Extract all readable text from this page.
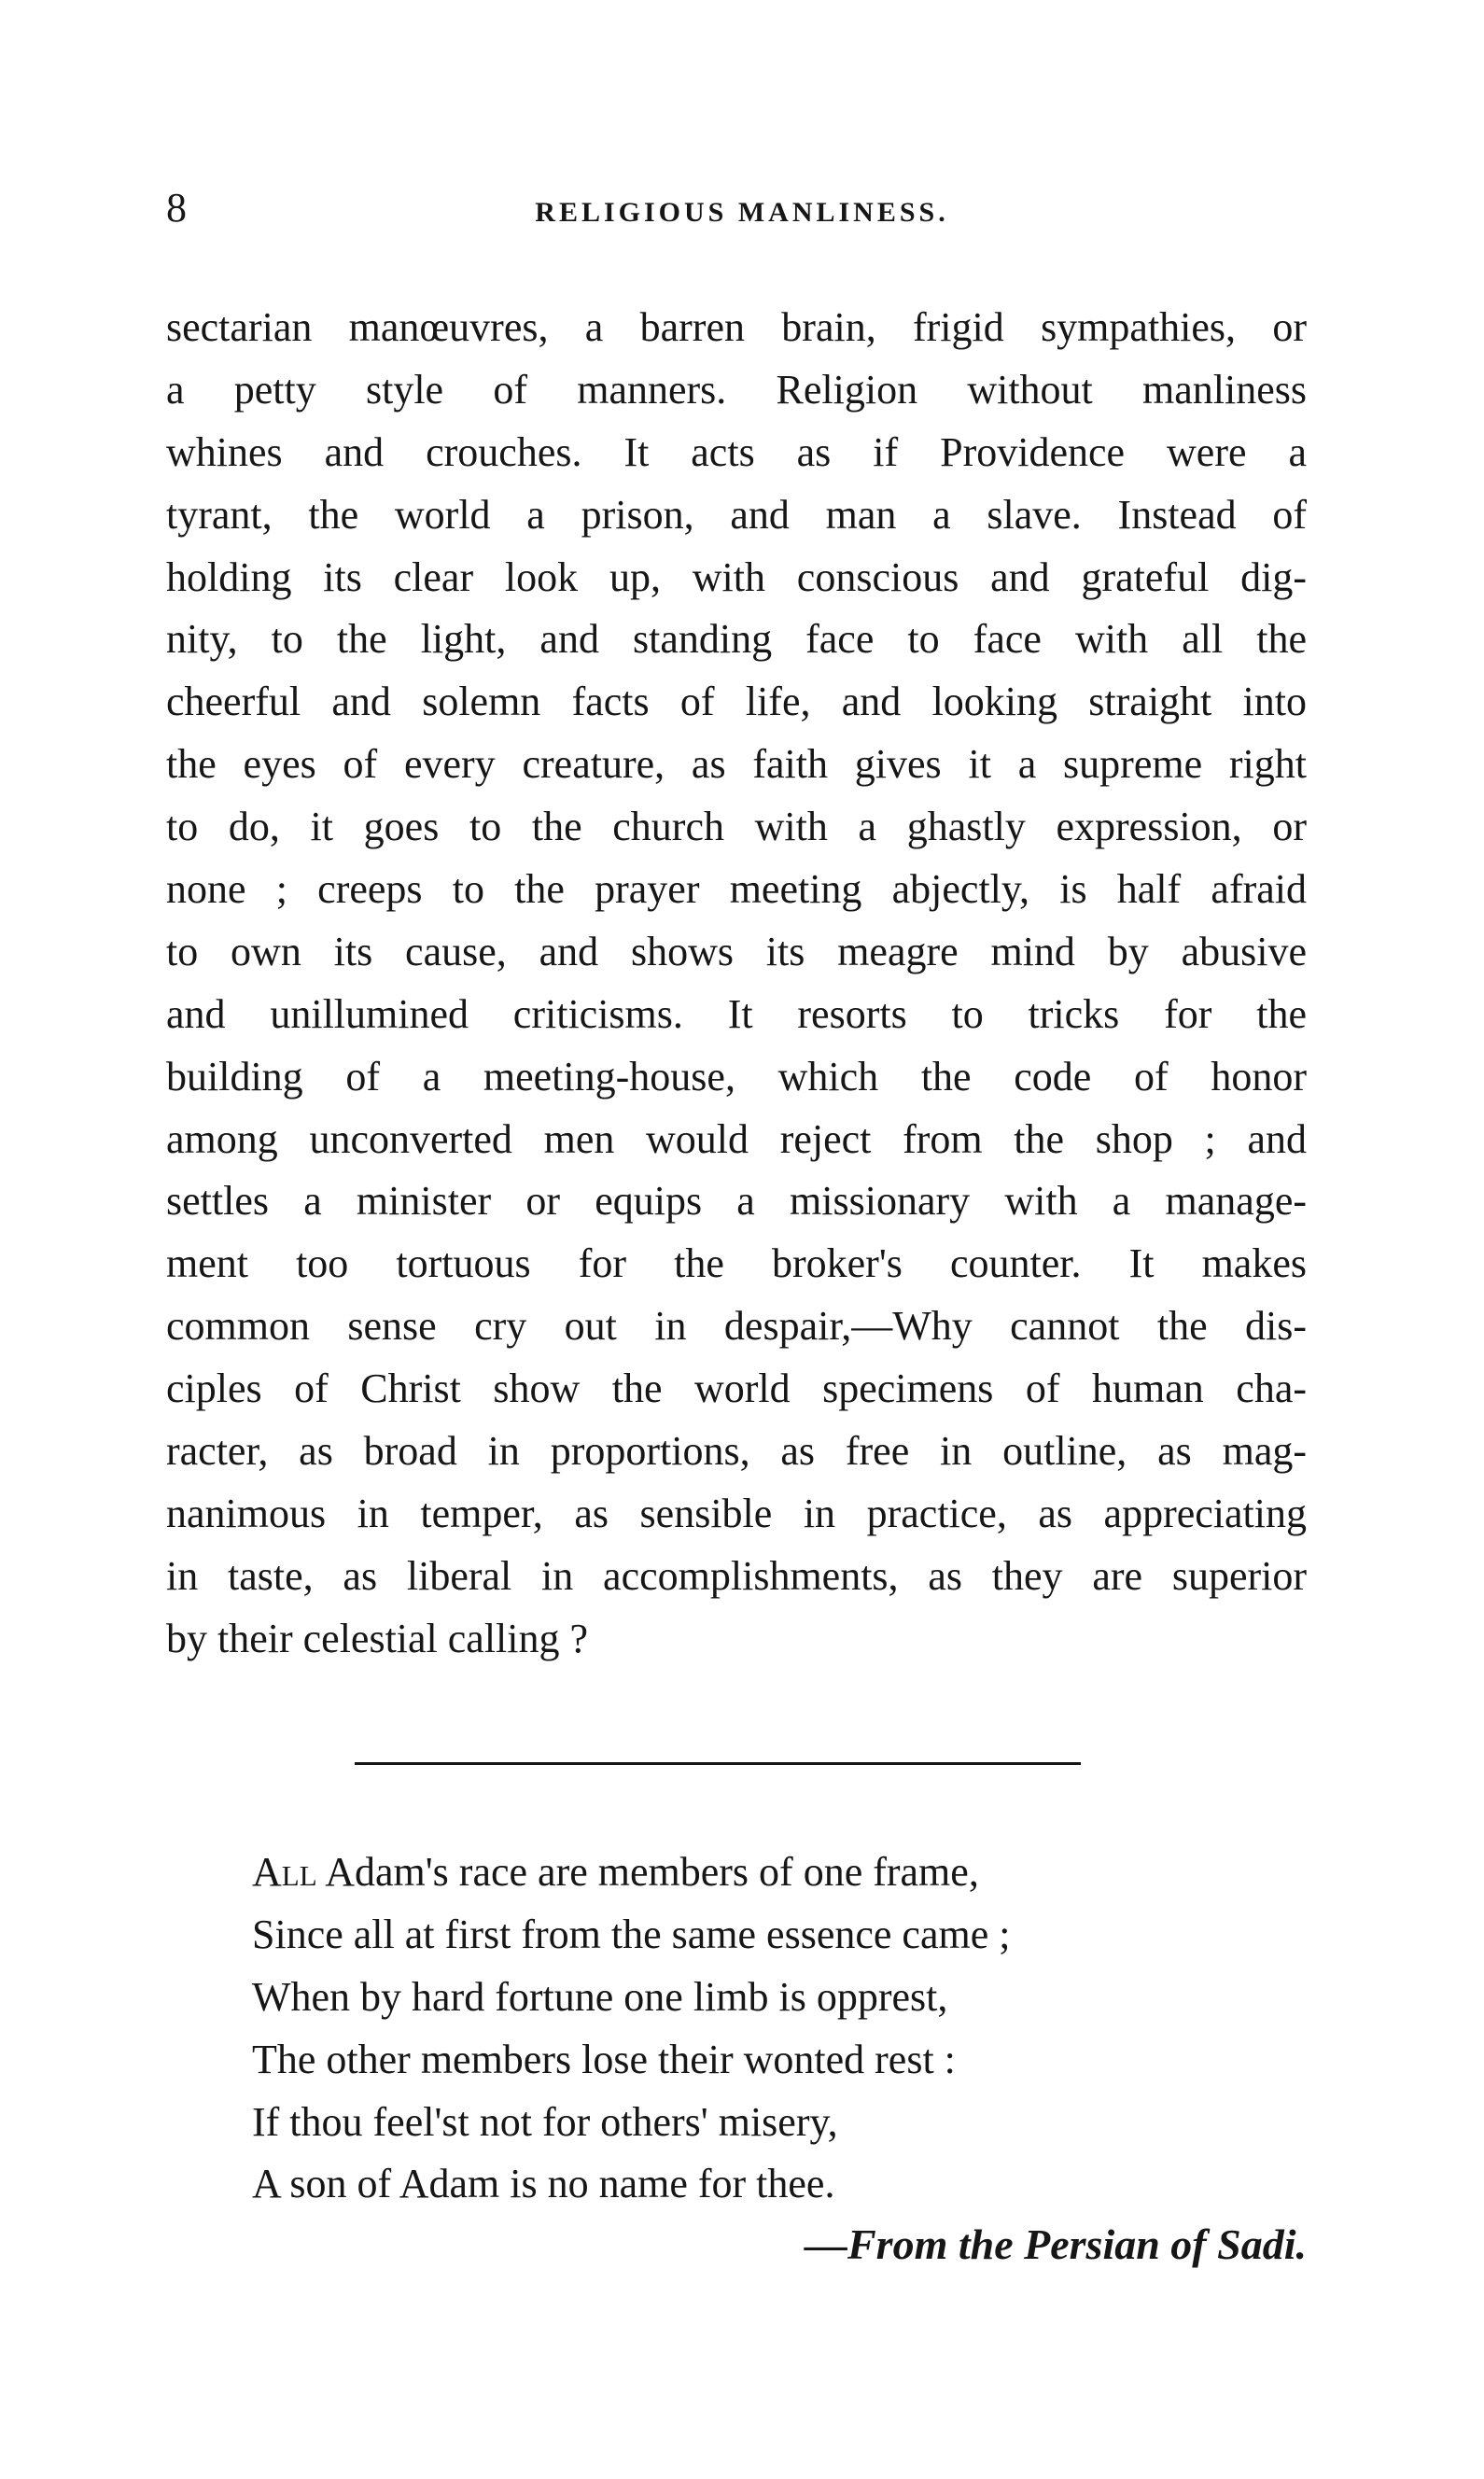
8	RELIGIOUS MANLINESS.
sectarian manœuvres, a barren brain, frigid sympathies, or
a petty style of manners. Religion without manliness
whines and crouches. It acts as if Providence were a
tyrant, the world a prison, and man a slave. Instead of
holding its clear look up, with conscious and grateful dig-
nity, to the light, and standing face to face with all the
cheerful and solemn facts of life, and looking straight into
the eyes of every creature, as faith gives it a supreme right
to do, it goes to the church with a ghastly expression, or
none ; creeps to the prayer meeting abjectly, is half afraid
to own its cause, and shows its meagre mind by abusive
and unillumined criticisms. It resorts to tricks for the
building of a meeting-house, which the code of honor
among unconverted men would reject from the shop ; and
settles a minister or equips a missionary with a manage-
ment too tortuous for the broker's counter. It makes
common sense cry out in despair,—Why cannot the dis-
ciples of Christ show the world specimens of human cha-
racter, as broad in proportions, as free in outline, as mag-
nanimous in temper, as sensible in practice, as appreciating
in taste, as liberal in accomplishments, as they are superior
by their celestial calling ?
All Adam's race are members of one frame,
Since all at first from the same essence came ;
When by hard fortune one limb is opprest,
The other members lose their wonted rest :
If thou feel'st not for others' misery,
A son of Adam is no name for thee.
—From the Persian of Sadi.
